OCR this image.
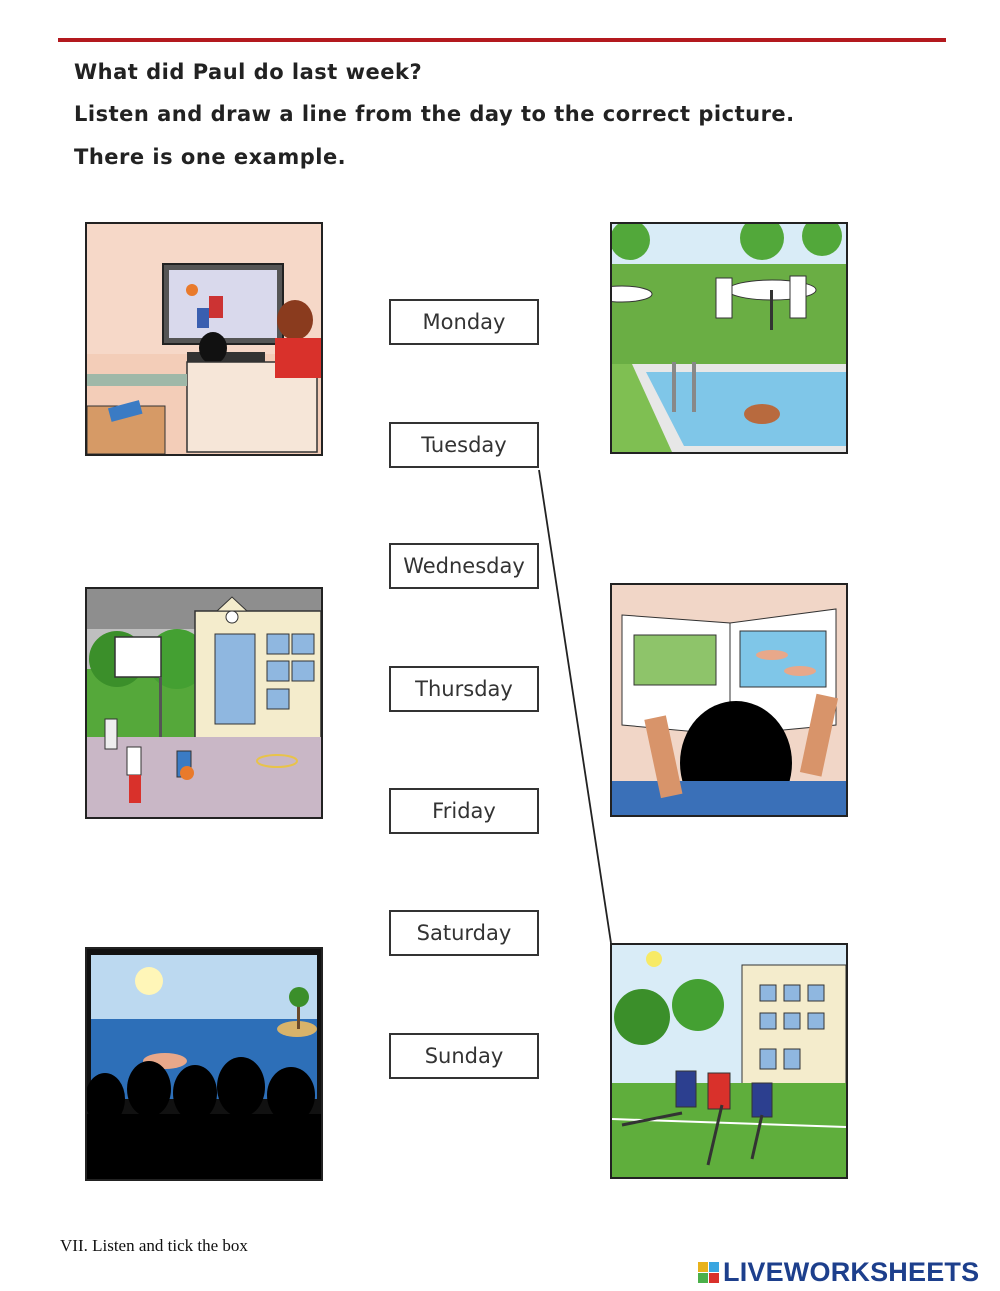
What did Paul do last week?
Listen and draw a line from the day to the correct picture.
There is one example.
Monday
Tuesday
Wednesday
Thursday
Friday
Saturday
Sunday
VII. Listen and tick the box
LIVEWORKSHEETS
